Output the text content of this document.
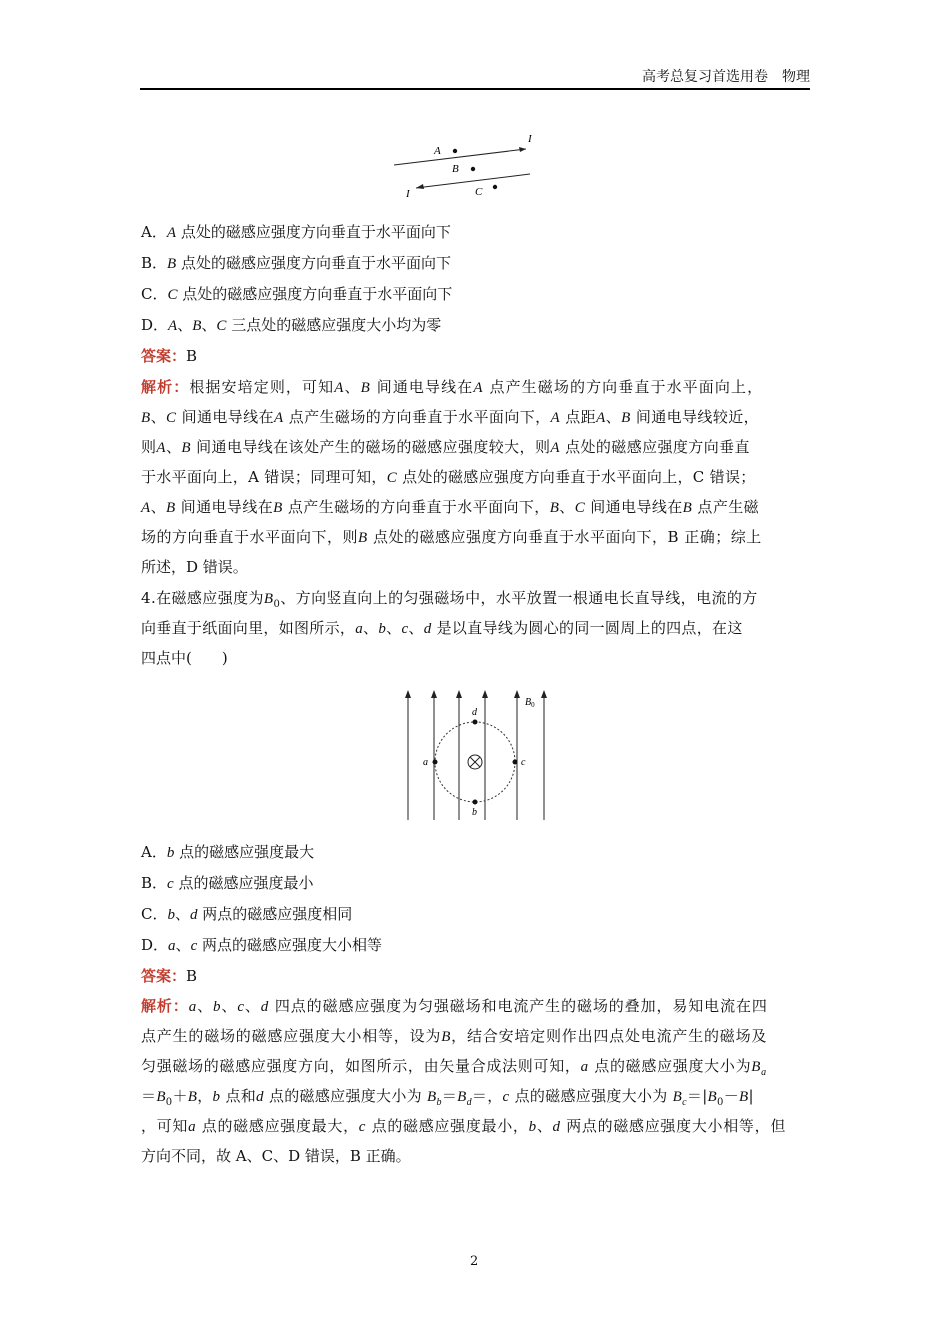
高考总复习首选用卷　物理
A
B
C
I
I
A．A 点处的磁感应强度方向垂直于水平面向下
B．B 点处的磁感应强度方向垂直于水平面向下
C．C 点处的磁感应强度方向垂直于水平面向下
D．A、B、C 三点处的磁感应强度大小均为零
答案：B
解析：根据安培定则，可知A、B 间通电导线在A 点产生磁场的方向垂直于水平面向上，
B、C 间通电导线在A 点产生磁场的方向垂直于水平面向下，A 点距A、B 间通电导线较近，
则A、B 间通电导线在该处产生的磁场的磁感应强度较大，则A 点处的磁感应强度方向垂直
于水平面向上，A 错误；同理可知，C 点处的磁感应强度方向垂直于水平面向上，C 错误；
A、B 间通电导线在B 点产生磁场的方向垂直于水平面向下，B、C 间通电导线在B 点产生磁
场的方向垂直于水平面向下，则B 点处的磁感应强度方向垂直于水平面向下，B 正确；综上
所述，D 错误。
4.在磁感应强度为$B_0$、方向竖直向上的匀强磁场中，水平放置一根通电长直导线，电流的方
向垂直于纸面向里，如图所示，a、b、c、d 是以直导线为圆心的同一圆周上的四点，在这
四点中(　　)
a
b
c
d
$B_0$
A．b 点的磁感应强度最大
B．c 点的磁感应强度最小
C．b、d 两点的磁感应强度相同
D．a、c 两点的磁感应强度大小相等
答案：B
解析：a、b、c、d 四点的磁感应强度为匀强磁场和电流产生的磁场的叠加，易知电流在四
点产生的磁场的磁感应强度大小相等，设为B，结合安培定则作出四点处电流产生的磁场及
匀强磁场的磁感应强度方向，如图所示，由矢量合成法则可知，a 点的磁感应强度大小为$B_a$
$=B_0+B$，b 点和d 点的磁感应强度大小为 $B_b=B_d=$，c 点的磁感应强度大小为 $B_c=|B_0-B|$
，可知a 点的磁感应强度最大，c 点的磁感应强度最小，b、d 两点的磁感应强度大小相等，但
方向不同，故 A、C、D 错误，B 正确。
2
